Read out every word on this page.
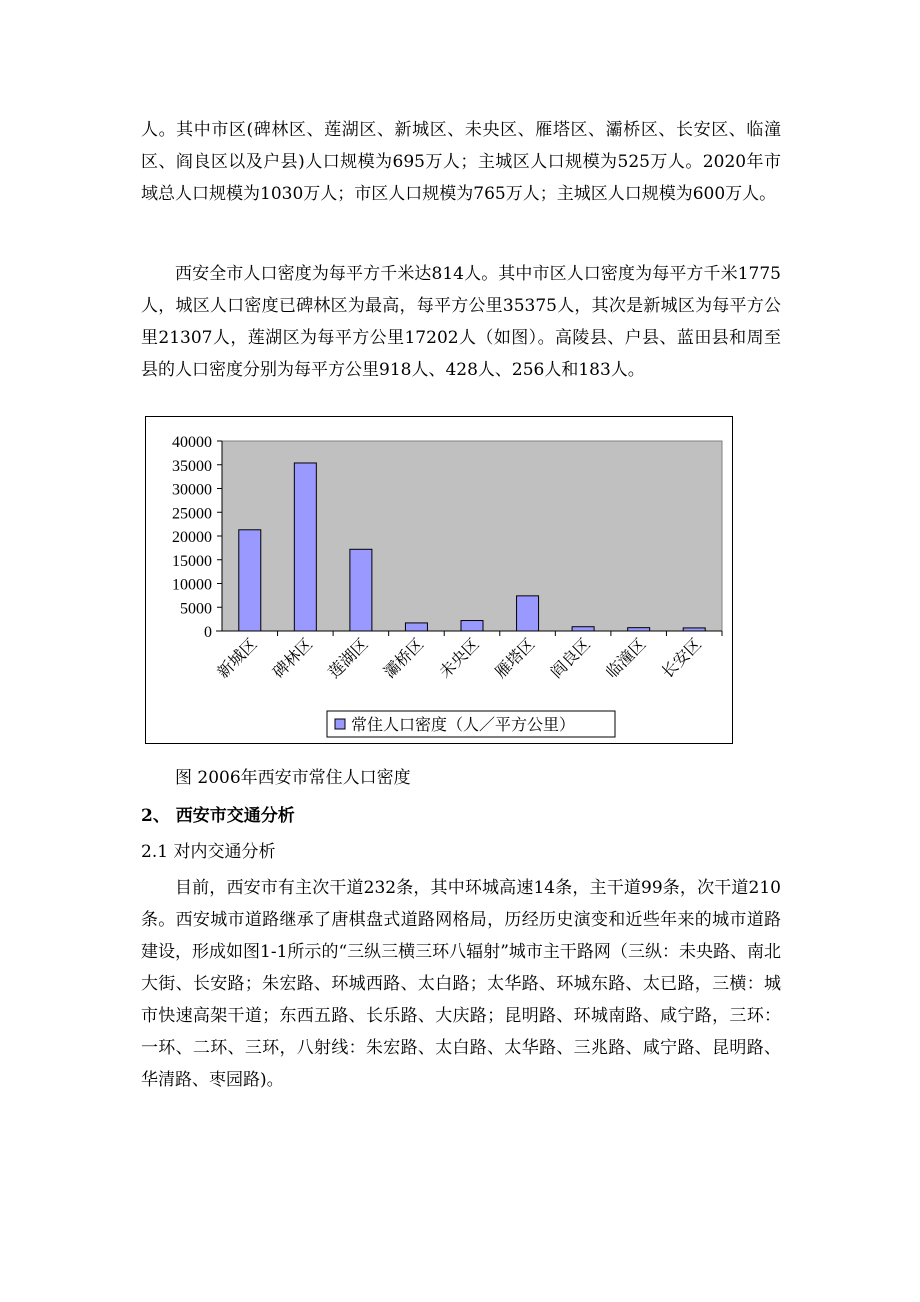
人。其中市区(碑林区、莲湖区、新城区、未央区、雁塔区、灞桥区、长安区、临潼区、阎良区以及户县)人口规模为695万人；主城区人口规模为525万人。2020年市域总人口规模为1030万人；市区人口规模为765万人；主城区人口规模为600万人。

西安全市人口密度为每平方千米达814人。其中市区人口密度为每平方千米1775人，城区人口密度已碑林区为最高，每平方公里35375人，其次是新城区为每平方公里21307人，莲湖区为每平方公里17202人（如图）。高陵县、户县、蓝田县和周至县的人口密度分别为每平方公里918人、428人、256人和183人。

0
5000
10000
15000
20000
25000
30000
35000
40000
新城区 碑林区 莲湖区 灞桥区 未央区 雁塔区 阎良区 临潼区 长安区
常住人口密度（人／平方公里）
图 2006年西安市常住人口密度
2、 西安市交通分析
2.1 对内交通分析

目前，西安市有主次干道232条，其中环城高速14条，主干道99条，次干道210条。西安城市道路继承了唐棋盘式道路网格局，历经历史演变和近些年来的城市道路建设，形成如图1-1所示的“三纵三横三环八辐射”城市主干路网（三纵：未央路、南北大街、长安路；朱宏路、环城西路、太白路；太华路、环城东路、太已路，三横：城市快速高架干道；东西五路、长乐路、大庆路；昆明路、环城南路、咸宁路，三环：一环、二环、三环，八射线：朱宏路、太白路、太华路、三兆路、咸宁路、昆明路、华清路、枣园路)。
